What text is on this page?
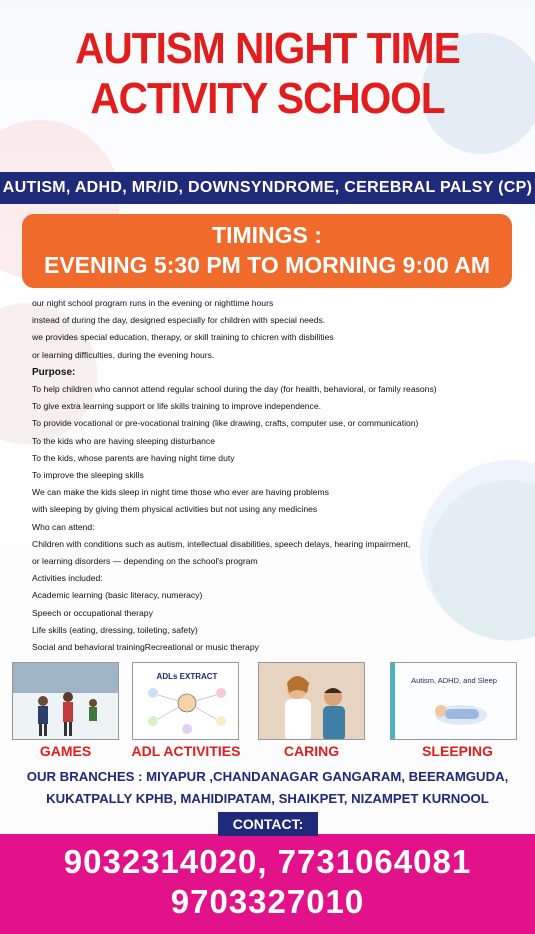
AUTISM NIGHT TIME
ACTIVITY SCHOOL
AUTISM, ADHD, MR/ID, DOWNSYNDROME, CEREBRAL PALSY (CP)
TIMINGS :
EVENING 5:30 PM TO MORNING 9:00 AM
our night school program runs in the evening or nighttime hours
instead of during the day, designed especially for children with special needs.
we provides special education, therapy, or skill training to chicren with disbilities
or learning difficulties, during the evening hours.
Purpose:
To help children who cannot attend regular school during the day (for health, behavioral, or family reasons)
To give extra learning support or life skills training to improve independence.
To provide vocational or pre-vocational training (like drawing, crafts, computer use, or communication)
To the kids who are having sleeping disturbance
To the kids, whose parents are having night time duty
To improve the sleeping skills
We can make the kids sleep in night time those who ever are having problems
with sleeping by giving them physical activities but not using any medicines
Who can attend:
Children with conditions such as autism, intellectual disabilities, speech delays, hearing impairment,
or learning disorders — depending on the school's program
Activities included:
Academic learning (basic literacy, numeracy)
Speech or occupational therapy
Life skills (eating, dressing, toileting, safety)
Social and behavioral trainingRecreational or music therapy
ADLs EXTRACT	Autism, ADHD, and Sleep
GAMES	ADL ACTIVITIES	CARING	SLEEPING
OUR BRANCHES : MIYAPUR ,CHANDANAGAR GANGARAM, BEERAMGUDA,
KUKATPALLY KPHB, MAHIDIPATAM, SHAIKPET, NIZAMPET KURNOOL
CONTACT:
9032314020, 7731064081
9703327010
